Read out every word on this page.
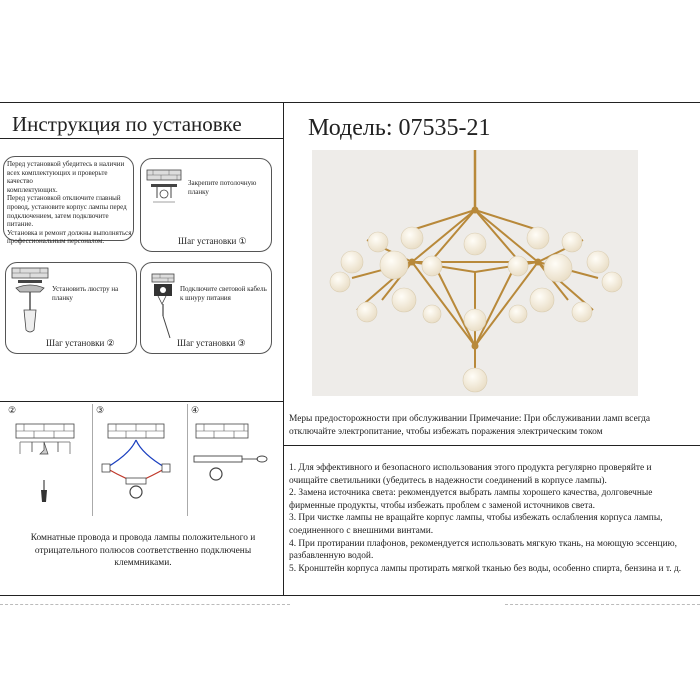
Инструкция по установке
Перед установкой убедитесь в наличии
всех комплектующих и проверьте качество
комплектующих.
Перед установкой отключите главный
провод, установите корпус лампы перед
подключением, затем подключите питание.
Установка и ремонт должны выполняться
профессиональным персоналом.
Закрепите потолочную
планку
Шаг установки ①
Установить люстру на
планку
Шаг установки ②
Подключите световой кабель
к шнуру питания
Шаг установки ③
②	③	④
Комнатные провода и провода лампы положительного и
отрицательного полюсов соответственно подключены
клеммниками.
Модель: 07535-21
Меры предосторожности при обслуживании Примечание: При обслуживании ламп всегда
отключайте электропитание, чтобы избежать поражения электрическим током
1. Для эффективного и безопасного использования этого продукта регулярно проверяйте и
очищайте светильники (убедитесь в надежности соединений в корпусе лампы).
2. Замена источника света: рекомендуется выбрать лампы хорошего качества, долговечные
фирменные продукты, чтобы избежать проблем с заменой источников света.
3. При чистке лампы не вращайте корпус лампы, чтобы избежать ослабления корпуса лампы,
соединенного с внешними винтами.
4. При протирании плафонов, рекомендуется использовать мягкую ткань, на моющую эссенцию,
разбавленную водой.
5. Кронштейн корпуса лампы протирать мягкой тканью без воды, особенно спирта, бензина и т. д.
